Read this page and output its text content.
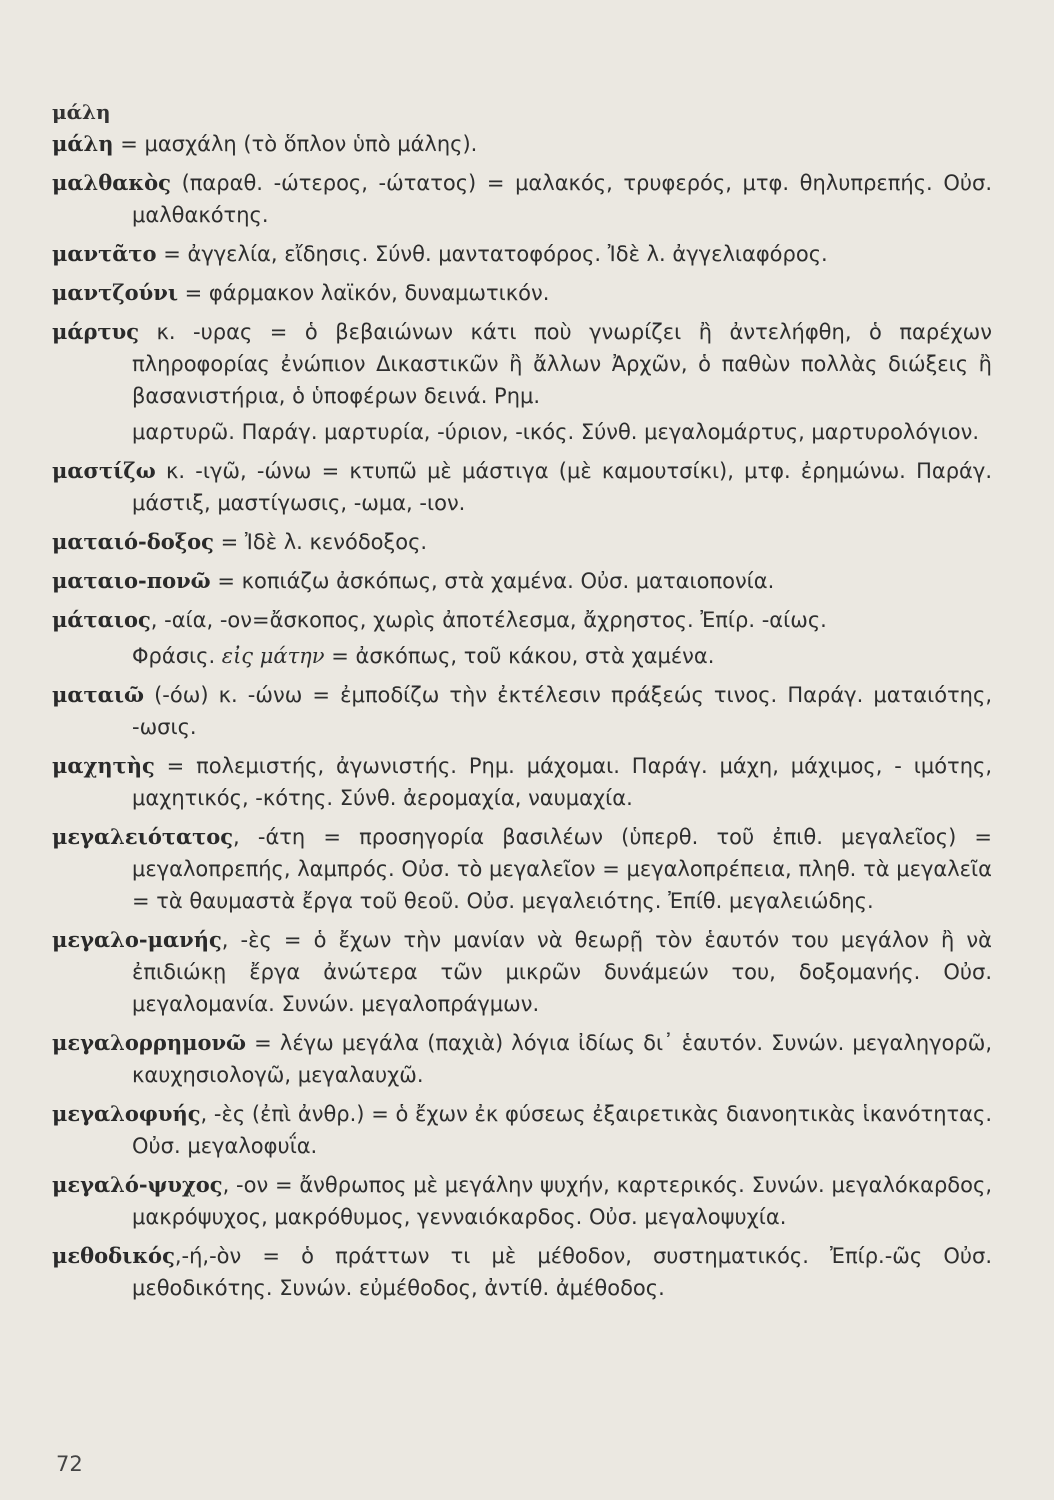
μάλη
μάλη = μασχάλη (τὸ ὅπλον ὑπὸ μάλης).
μαλθακὸς (παραθ. -ώτερος, -ώτατος) = μαλακός, τρυφερός, μτφ. θηλυπρεπής. Οὐσ. μαλθακότης.
μαντᾶτο = ἀγγελία, εἴδησις. Σύνθ. μαντατοφόρος. Ἰδὲ λ. ἀγγελιαφόρος.
μαντζούνι = φάρμακον λαϊκόν, δυναμωτικόν.
μάρτυς κ. -υρας = ὁ βεβαιώνων κάτι ποὺ γνωρίζει ἢ ἀντελήφθη, ὁ παρέχων πληροφορίας ἐνώπιον Δικαστικῶν ἢ ἄλλων Ἀρχῶν, ὁ παθὼν πολλὰς διώξεις ἢ βασανιστήρια, ὁ ὑποφέρων δεινά. Ρημ.
μαρτυρῶ. Παράγ. μαρτυρία, -ύριον, -ικός. Σύνθ. μεγαλομάρτυς, μαρτυρολόγιον.
μαστίζω κ. -ιγῶ, -ώνω = κτυπῶ μὲ μάστιγα (μὲ καμουτσίκι), μτφ. ἐρημώνω. Παράγ. μάστιξ, μαστίγωσις, -ωμα, -ιον.
ματαιό-δοξος = Ἰδὲ λ. κενόδοξος.
ματαιο-πονῶ = κοπιάζω ἀσκόπως, στὰ χαμένα. Οὐσ. ματαιοπονία.
μάταιος, -αία, -ον=ἄσκοπος, χωρὶς ἀποτέλεσμα, ἄχρηστος. Ἐπίρ. -αίως.
Φράσις. εἰς μάτην = ἀσκόπως, τοῦ κάκου, στὰ χαμένα.
ματαιῶ (-όω) κ. -ώνω = ἐμποδίζω τὴν ἐκτέλεσιν πράξεώς τινος. Παράγ. ματαιότης, -ωσις.
μαχητὴς = πολεμιστής, ἀγωνιστής. Ρημ. μάχομαι. Παράγ. μάχη, μάχιμος, - ιμότης, μαχητικός, -κότης. Σύνθ. ἀερομαχία, ναυμαχία.
μεγαλειότατος, -άτη = προσηγορία βασιλέων (ὑπερθ. τοῦ ἐπιθ. μεγαλεῖος) = μεγαλοπρεπής, λαμπρός. Οὐσ. τὸ μεγαλεῖον = μεγαλοπρέπεια, πληθ. τὰ μεγαλεῖα = τὰ θαυμαστὰ ἔργα τοῦ θεοῦ. Οὐσ. μεγαλειότης. Ἐπίθ. μεγαλειώδης.
μεγαλο-μανής, -ὲς = ὁ ἔχων τὴν μανίαν νὰ θεωρῇ τὸν ἑαυτόν του μεγάλον ἢ νὰ ἐπιδιώκῃ ἔργα ἀνώτερα τῶν μικρῶν δυνάμεών του, δοξομανής. Οὐσ. μεγαλομανία. Συνών. μεγαλοπράγμων.
μεγαλορρημονῶ = λέγω μεγάλα (παχιὰ) λόγια ἰδίως δι᾽ ἑαυτόν. Συνών. μεγαληγορῶ, καυχησιολογῶ, μεγαλαυχῶ.
μεγαλοφυής, -ὲς (ἐπὶ ἀνθρ.) = ὁ ἔχων ἐκ φύσεως ἐξαιρετικὰς διανοητικὰς ἱκανότητας. Οὐσ. μεγαλοφυΐα.
μεγαλό-ψυχος, -ον = ἄνθρωπος μὲ μεγάλην ψυχήν, καρτερικός. Συνών. μεγαλόκαρδος, μακρόψυχος, μακρόθυμος, γενναιόκαρδος. Οὐσ. μεγαλοψυχία.
μεθοδικός,-ή,-ὸν = ὁ πράττων τι μὲ μέθοδον, συστηματικός. Ἐπίρ.-ῶς Οὐσ. μεθοδικότης. Συνών. εὐμέθοδος, ἀντίθ. ἀμέθοδος.
72
